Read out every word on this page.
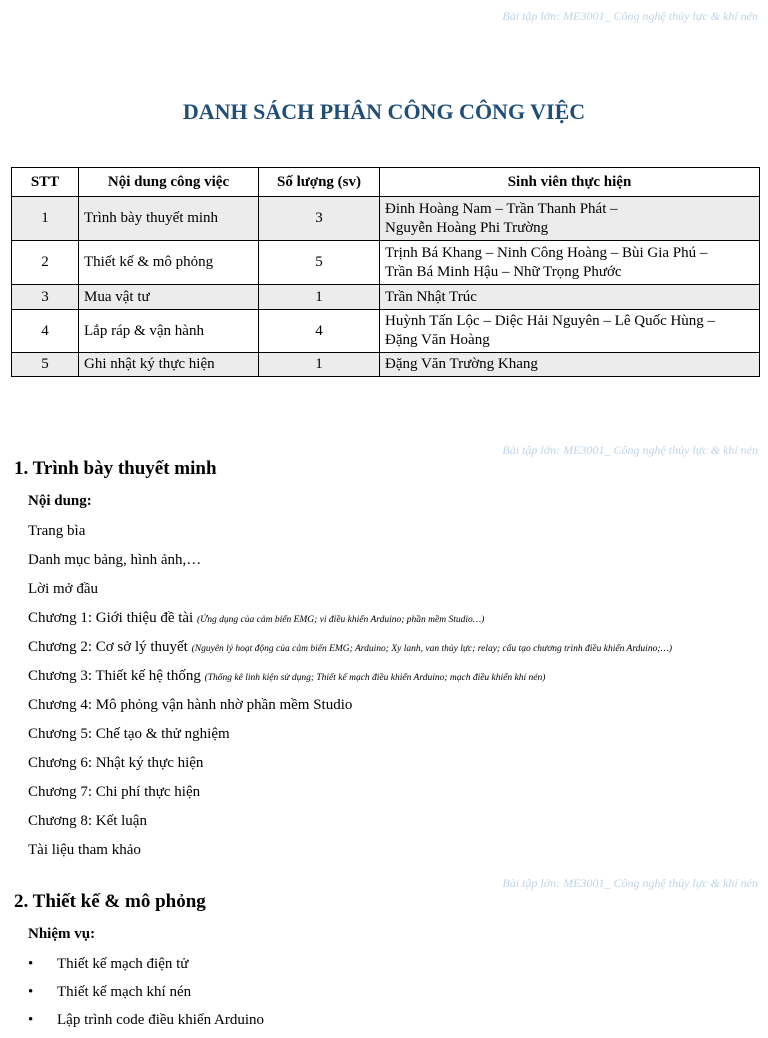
Bài tập lớn: ME3001_ Công nghệ thủy lực & khí nén
DANH SÁCH PHÂN CÔNG CÔNG VIỆC
STT	Nội dung công việc	Số lượng (sv)	Sinh viên thực hiện
1	Trình bày thuyết minh	3	Đinh Hoàng Nam – Trần Thanh Phát –
Nguyễn Hoàng Phi Trường

2	Thiết kế & mô phỏng	5	Trịnh Bá Khang – Ninh Công Hoàng – Bùi Gia Phú –
Trần Bá Minh Hậu – Nhữ Trọng Phước

3	Mua vật tư	1	Trần Nhật Trúc

4	Lắp ráp & vận hành	4	Huỳnh Tấn Lộc – Diệc Hải Nguyên – Lê Quốc Hùng –
Đặng Văn Hoàng

5	Ghi nhật ký thực hiện	1	Đặng Văn Trường Khang
Bài tập lớn: ME3001_ Công nghệ thủy lực & khí nén
1. Trình bày thuyết minh
Nội dung:
Trang bìa
Danh mục bảng, hình ảnh,…
Lời mở đầu
Chương 1: Giới thiệu đề tài (Ứng dụng của cảm biến EMG; vi điều khiển Arduino; phần mềm Studio…)
Chương 2: Cơ sở lý thuyết (Nguyên lý hoạt động của cảm biến EMG; Arduino; Xy lanh, van thủy lực; relay; cấu tạo chương trình điều khiển Arduino;…)
Chương 3: Thiết kế hệ thống (Thống kê linh kiện sử dụng; Thiết kế mạch điều khiển Arduino; mạch điều khiển khí nén)
Chương 4: Mô phỏng vận hành nhờ phần mềm Studio
Chương 5: Chế tạo & thử nghiệm
Chương 6: Nhật ký thực hiện
Chương 7: Chi phí thực hiện
Chương 8: Kết luận
Tài liệu tham khảo
Bài tập lớn: ME3001_ Công nghệ thủy lực & khí nén
2. Thiết kế & mô phỏng
Nhiệm vụ:
• Thiết kế mạch điện tử
• Thiết kế mạch khí nén
• Lập trình code điều khiển Arduino
